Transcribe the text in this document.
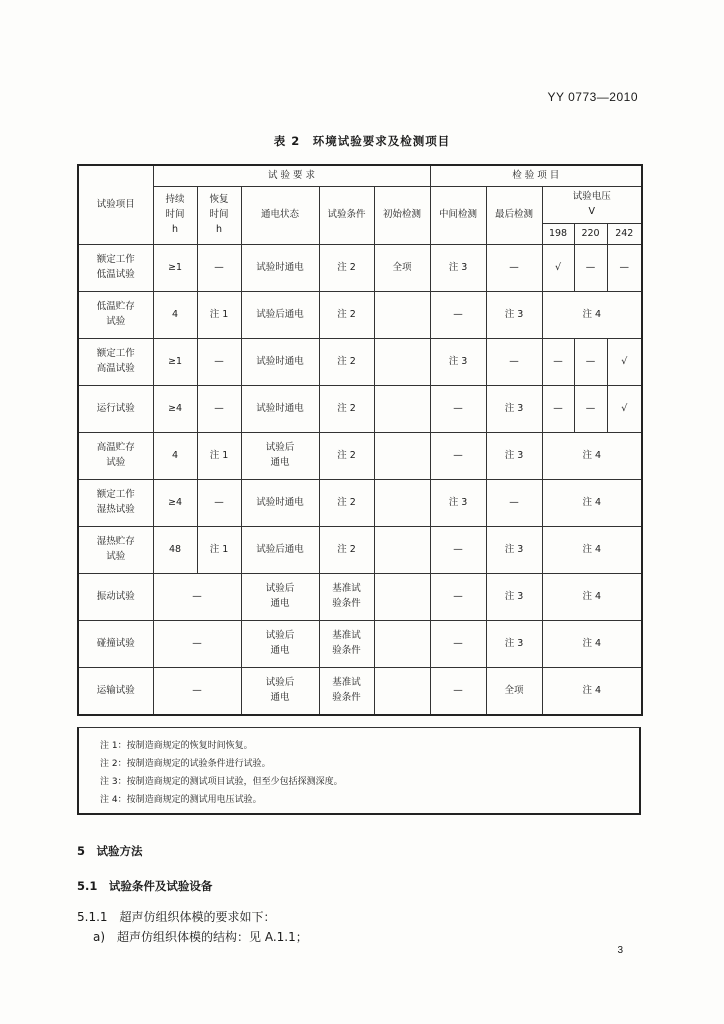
YY 0773—2010
表 2　环境试验要求及检测项目
试验项目	试 验 要 求					检 验 项 目				
	持续
时间
h	恢复
时间
h	通电状态	试验条件	初始检测	中间检测	最后检测	试验电压
V		
								198	220	242
额定工作
低温试验	≥1	—	试验时通电	注 2	全项	注 3	—	√	—	—
低温贮存
试验	4	注 1	试验后通电	注 2		—	注 3	注 4		
额定工作
高温试验	≥1	—	试验时通电	注 2		注 3	—	—	—	√
运行试验	≥4	—	试验时通电	注 2		—	注 3	—	—	√
高温贮存
试验	4	注 1	试验后
通电	注 2		—	注 3	注 4		
额定工作
湿热试验	≥4	—	试验时通电	注 2		注 3	—	注 4		
湿热贮存
试验	48	注 1	试验后通电	注 2		—	注 3	注 4		
振动试验	—		试验后
通电	基准试
验条件		—	注 3	注 4		
碰撞试验	—		试验后
通电	基准试
验条件		—	注 3	注 4		
运输试验	—		试验后
通电	基准试
验条件		—	全项	注 4		
注 1：按制造商规定的恢复时间恢复。
注 2：按制造商规定的试验条件进行试验。
注 3：按制造商规定的测试项目试验，但至少包括探测深度。
注 4：按制造商规定的测试用电压试验。
5　试验方法
5.1　试验条件及试验设备
5.1.1　超声仿组织体模的要求如下：
a)　超声仿组织体模的结构：见 A.1.1；
3
